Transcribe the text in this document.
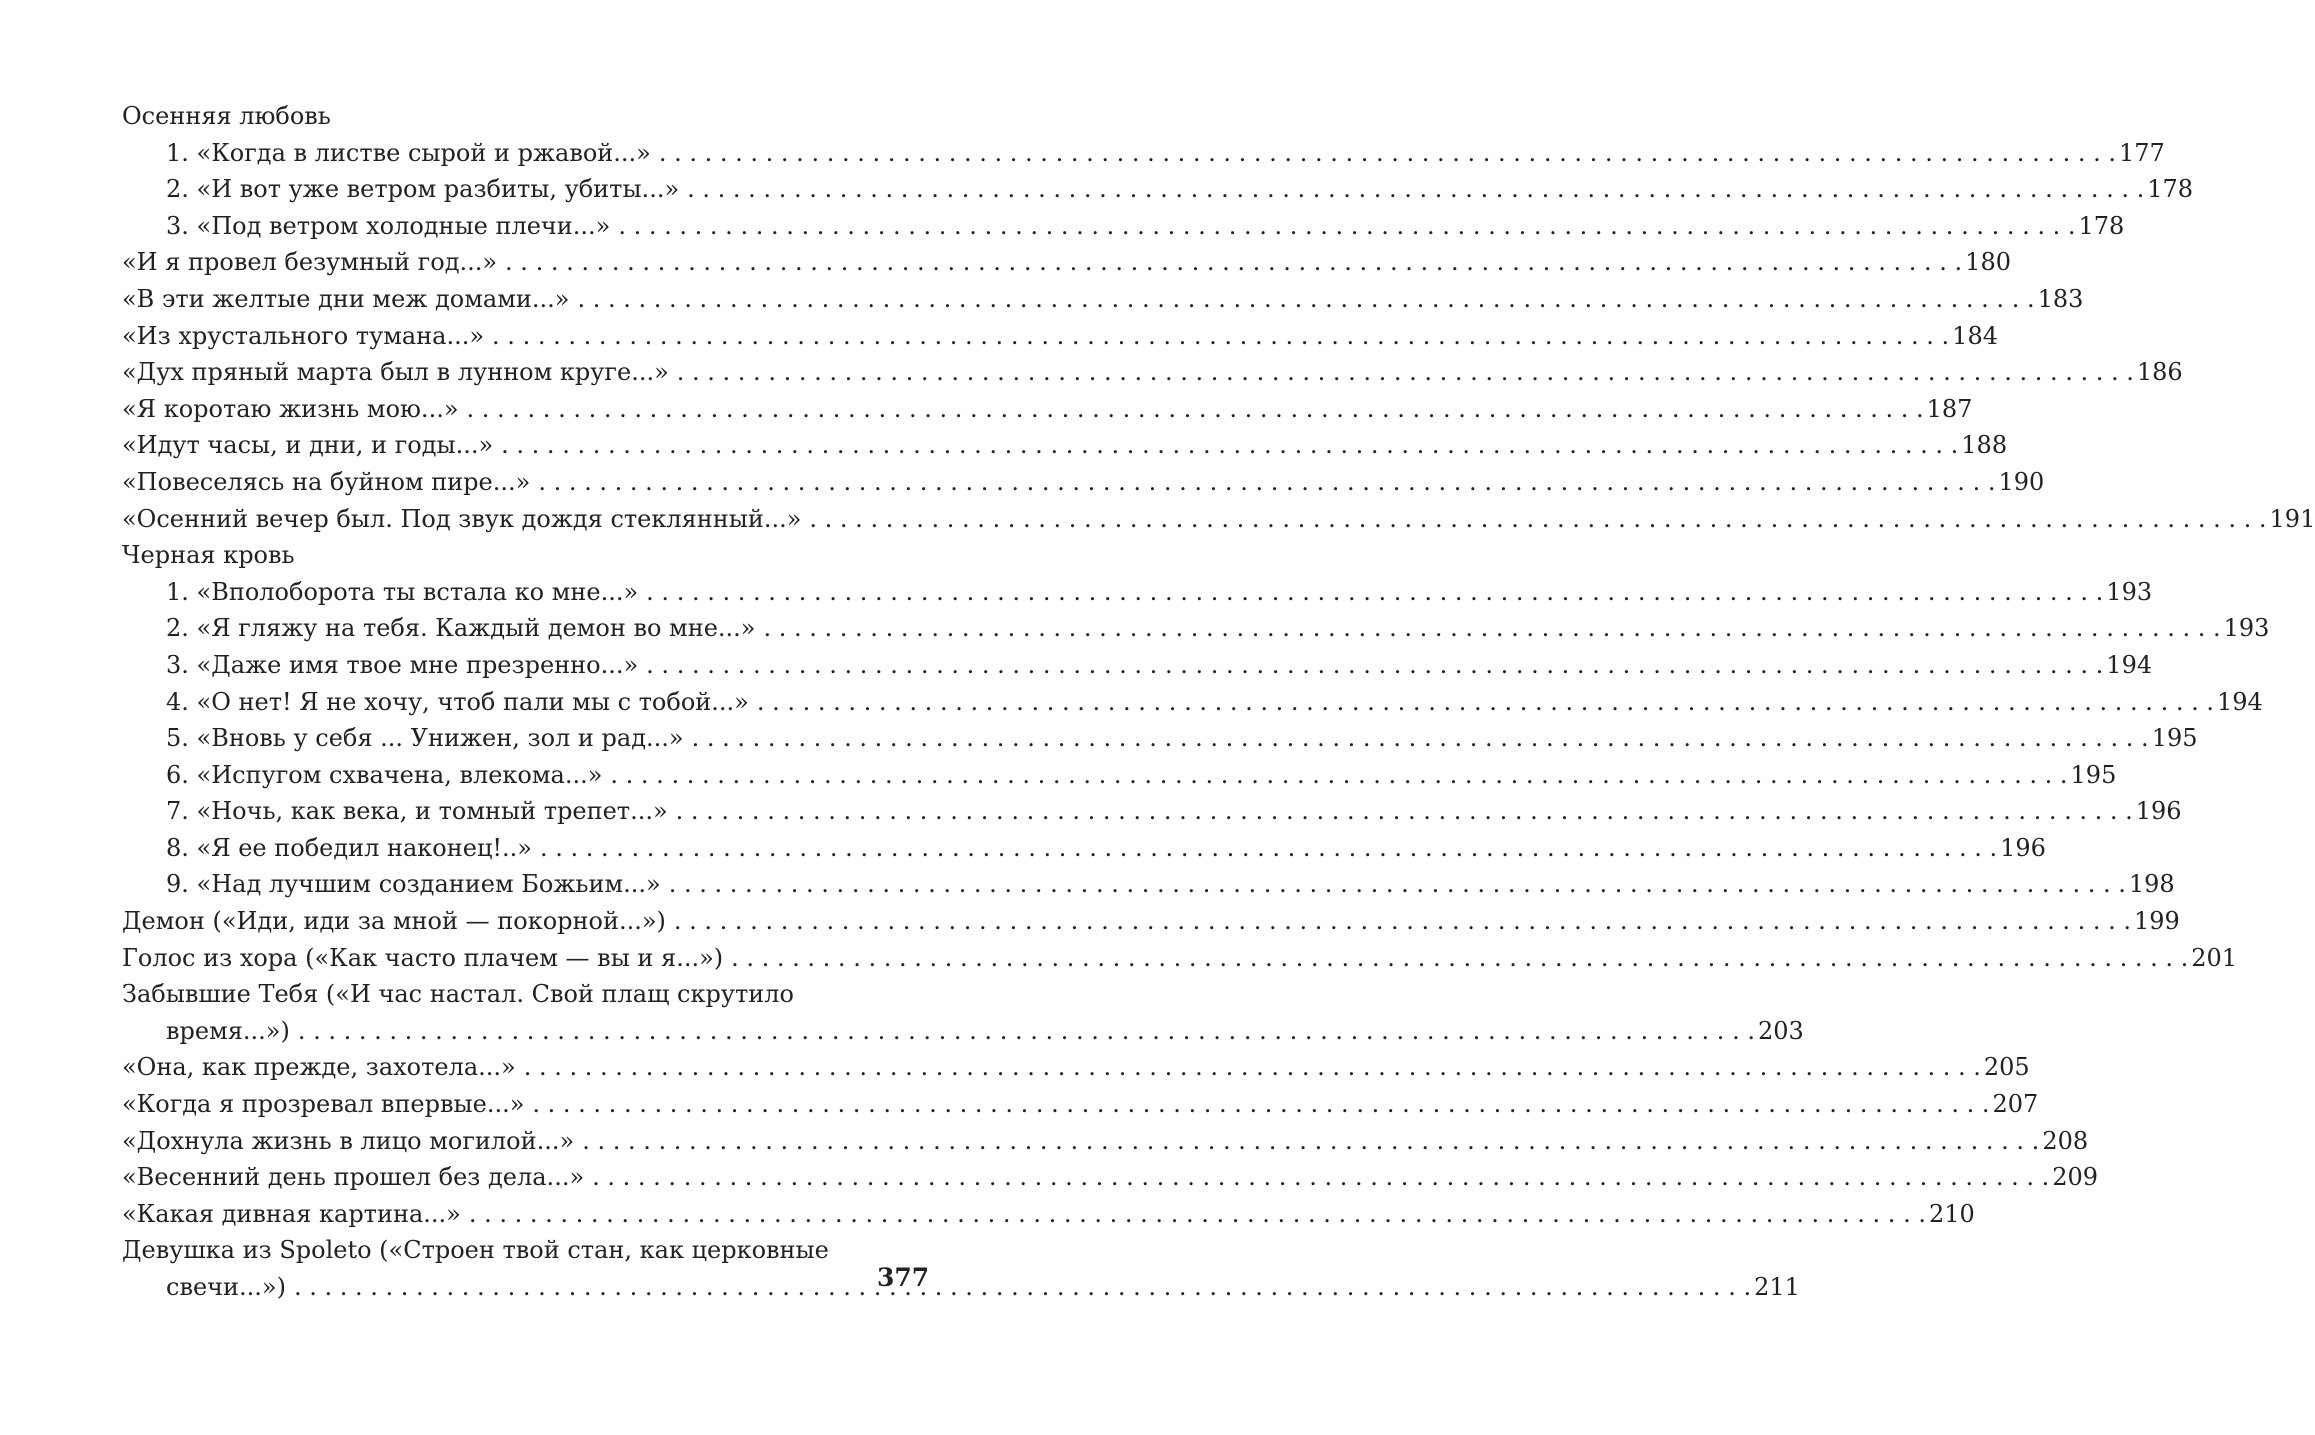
Осенняя любовь
1. «Когда в листве сырой и ржавой...» . . .	177
2. «И вот уже ветром разбиты, убиты...» . . .	178
3. «Под ветром холодные плечи...» . . .	178
«И я провел безумный год...» . . .	180
«В эти желтые дни меж домами...» . . .	183
«Из хрустального тумана...» . . .	184
«Дух пряный марта был в лунном круге...» . . .	186
«Я коротаю жизнь мою...» . . .	187
«Идут часы, и дни, и годы...» . . .	188
«Повеселясь на буйном пире...» . . .	190
«Осенний вечер был. Под звук дождя стеклянный...» . . .	191
Черная кровь
1. «Вполоборота ты встала ко мне...» . . .	193
2. «Я гляжу на тебя. Каждый демон во мне...» . . .	193
3. «Даже имя твое мне презренно...» . . .	194
4. «О нет! Я не хочу, чтоб пали мы с тобой...» . . .	194
5. «Вновь у себя ... Унижен, зол и рад...» . . .	195
6. «Испугом схвачена, влекома...» . . .	195
7. «Ночь, как века, и томный трепет...» . . .	196
8. «Я ее победил наконец!..» . . .	196
9. «Над лучшим созданием Божьим...» . . .	198
Демон («Иди, иди за мной — покорной...») . . .	199
Голос из хора («Как часто плачем — вы и я...») . . .	201
Забывшие Тебя («И час настал. Свой плащ скрутило
время...») . . .	203
«Она, как прежде, захотела...» . . .	205
«Когда я прозревал впервые...» . . .	207
«Дохнула жизнь в лицо могилой...» . . .	208
«Весенний день прошел без дела...» . . .	209
«Какая дивная картина...» . . .	210
Девушка из Spoleto («Строен твой стан, как церковные
свечи...») . . .	211
377
